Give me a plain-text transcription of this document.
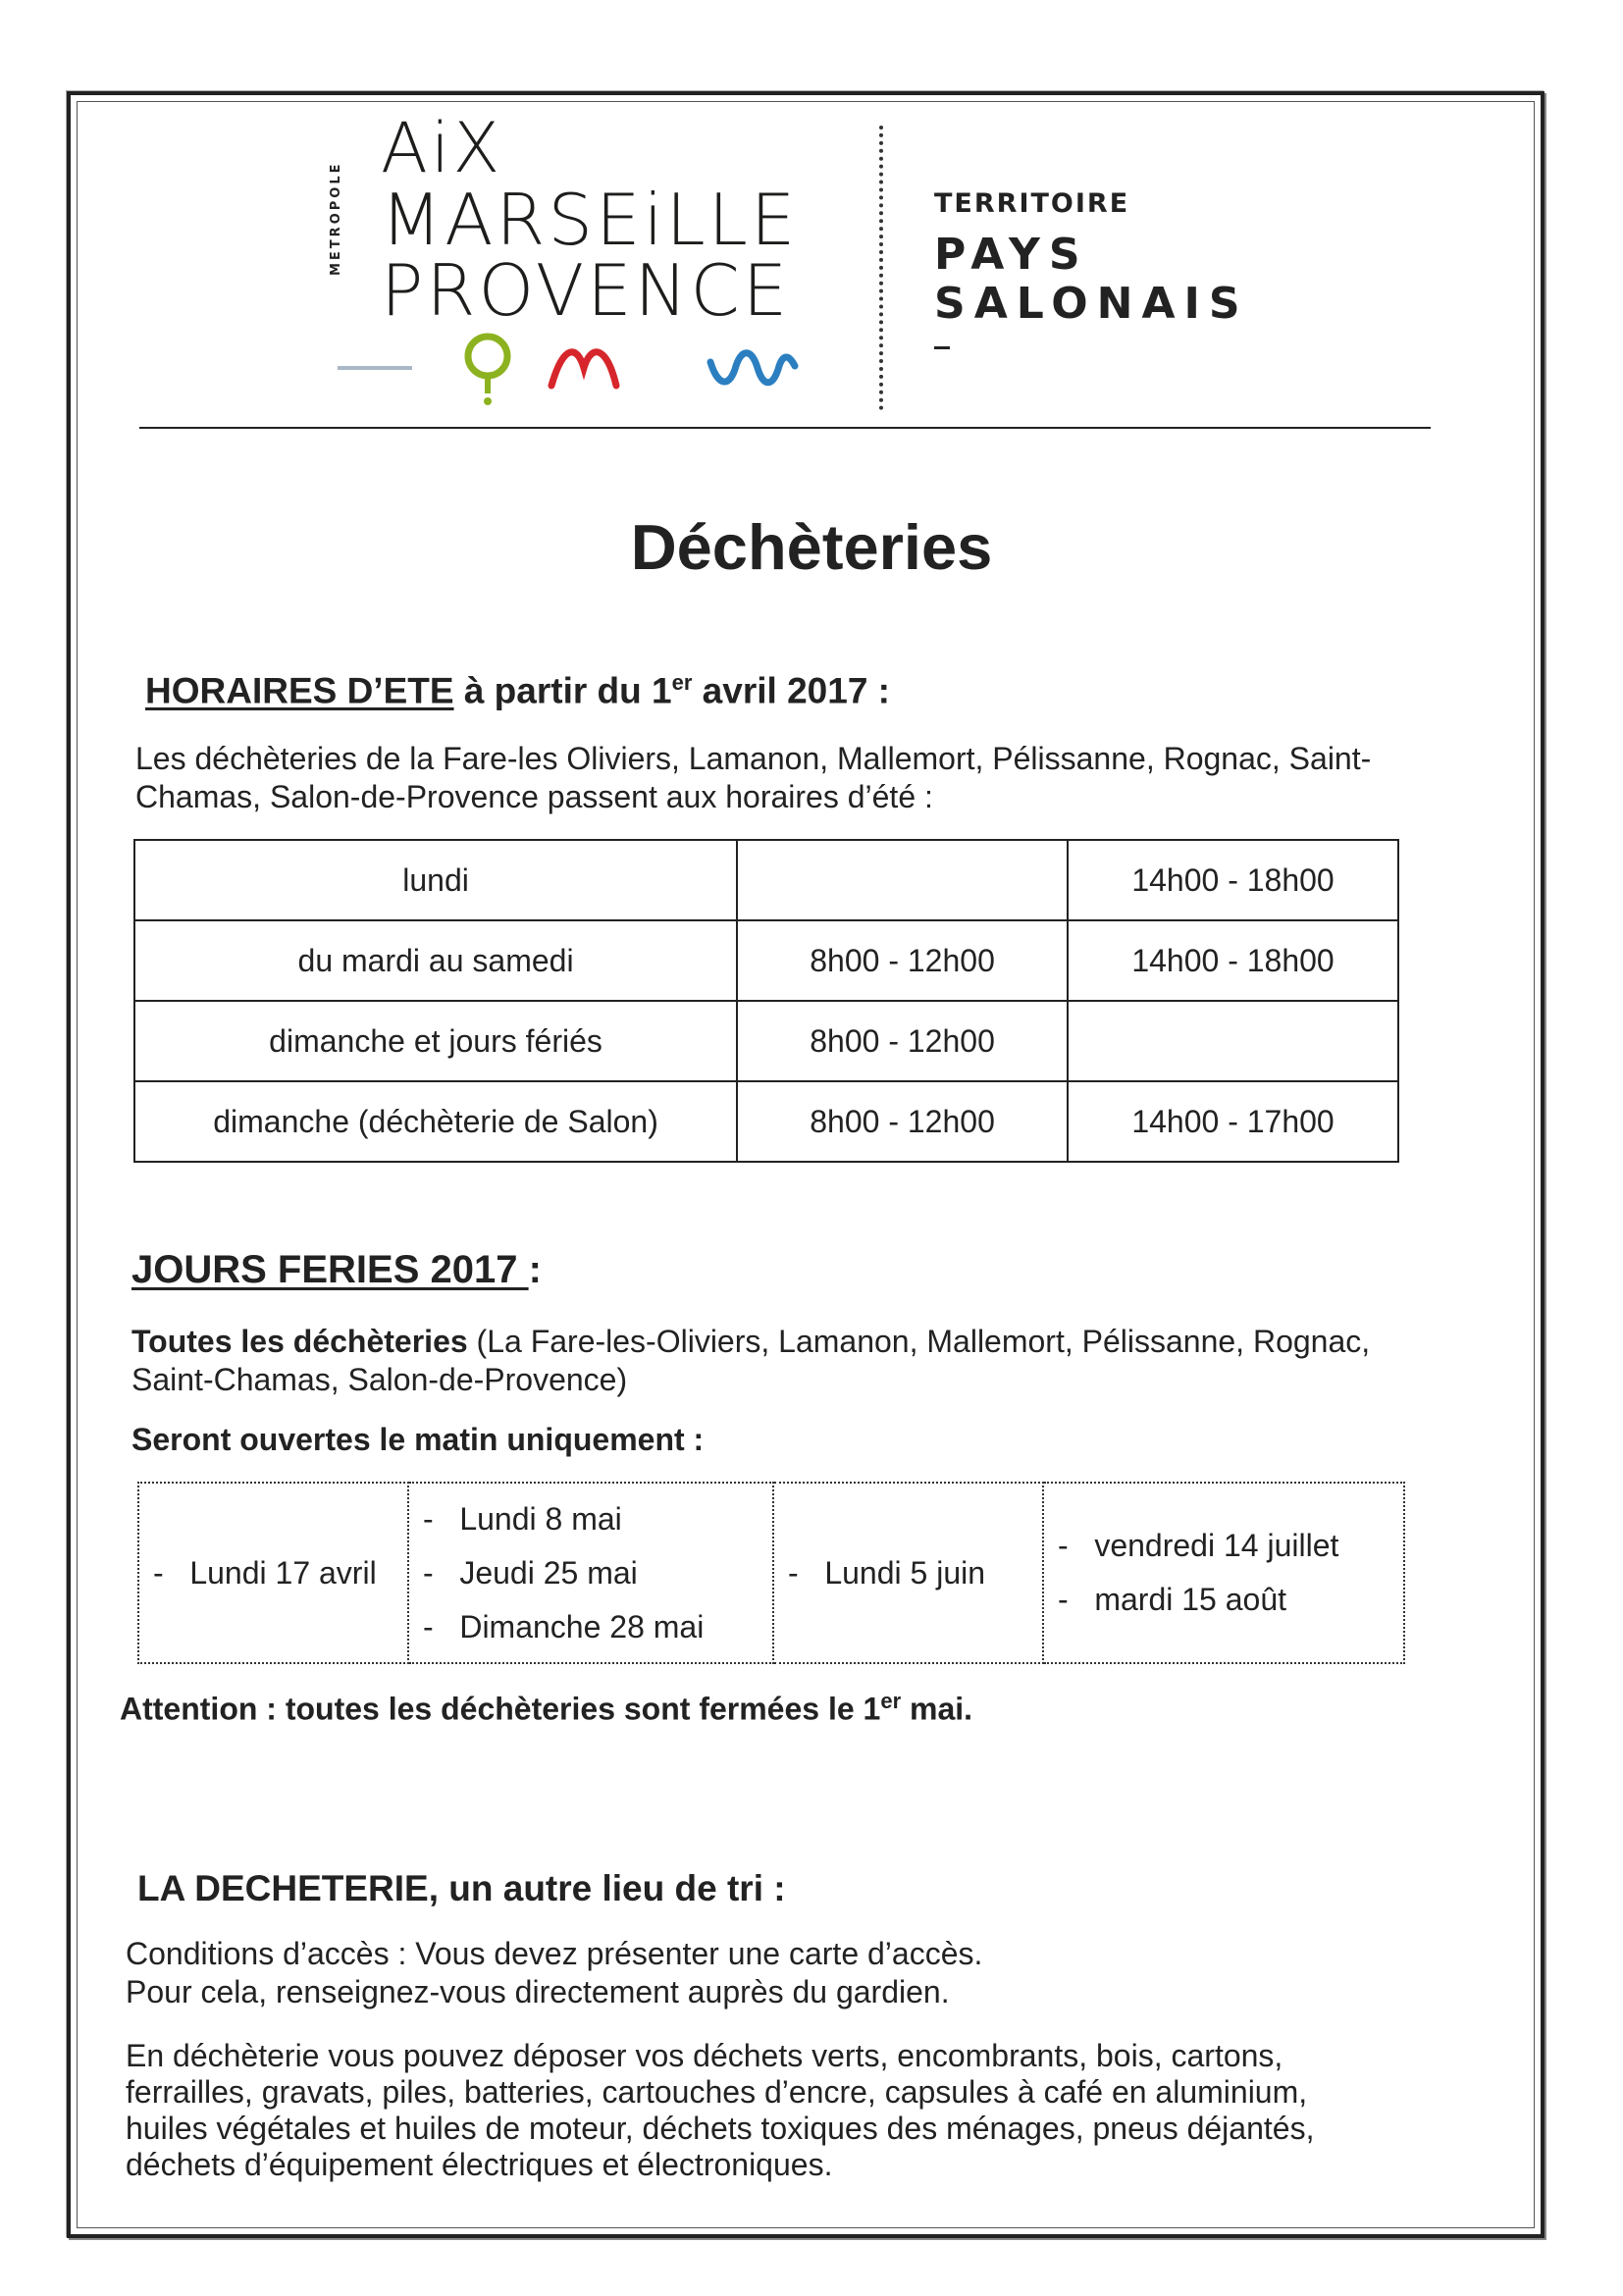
METROPOLE
AiX
MARSEiLLE
PROVENCE
TERRITOIRE
PAYS
SALONAIS
Déchèteries
HORAIRES D’ETE à partir du 1er avril 2017 :
Les déchèteries de la Fare-les Oliviers, Lamanon, Mallemort, Pélissanne, Rognac, Saint-
Chamas, Salon-de-Provence passent aux horaires d’été :
lundi		14h00 - 18h00
du mardi au samedi	8h00 - 12h00	14h00 - 18h00
dimanche et jours fériés	8h00 - 12h00	
dimanche (déchèterie de Salon)	8h00 - 12h00	14h00 - 17h00
JOURS FERIES 2017 :
Toutes les déchèteries (La Fare-les-Oliviers, Lamanon, Mallemort, Pélissanne, Rognac,
Saint-Chamas, Salon-de-Provence)
Seront ouvertes le matin uniquement :
- Lundi 17 avril

- Lundi 8 mai
- Jeudi 25 mai
- Dimanche 28 mai

- Lundi 5 juin

- vendredi 14 juillet
- mardi 15 août
Attention : toutes les déchèteries sont fermées le 1er mai.
LA DECHETERIE, un autre lieu de tri :
Conditions d’accès : Vous devez présenter une carte d’accès.
Pour cela, renseignez-vous directement auprès du gardien.
En déchèterie vous pouvez déposer vos déchets verts, encombrants, bois, cartons,
ferrailles, gravats, piles, batteries, cartouches d’encre, capsules à café en aluminium,
huiles végétales et huiles de moteur, déchets toxiques des ménages, pneus déjantés,
déchets d’équipement électriques et électroniques.
